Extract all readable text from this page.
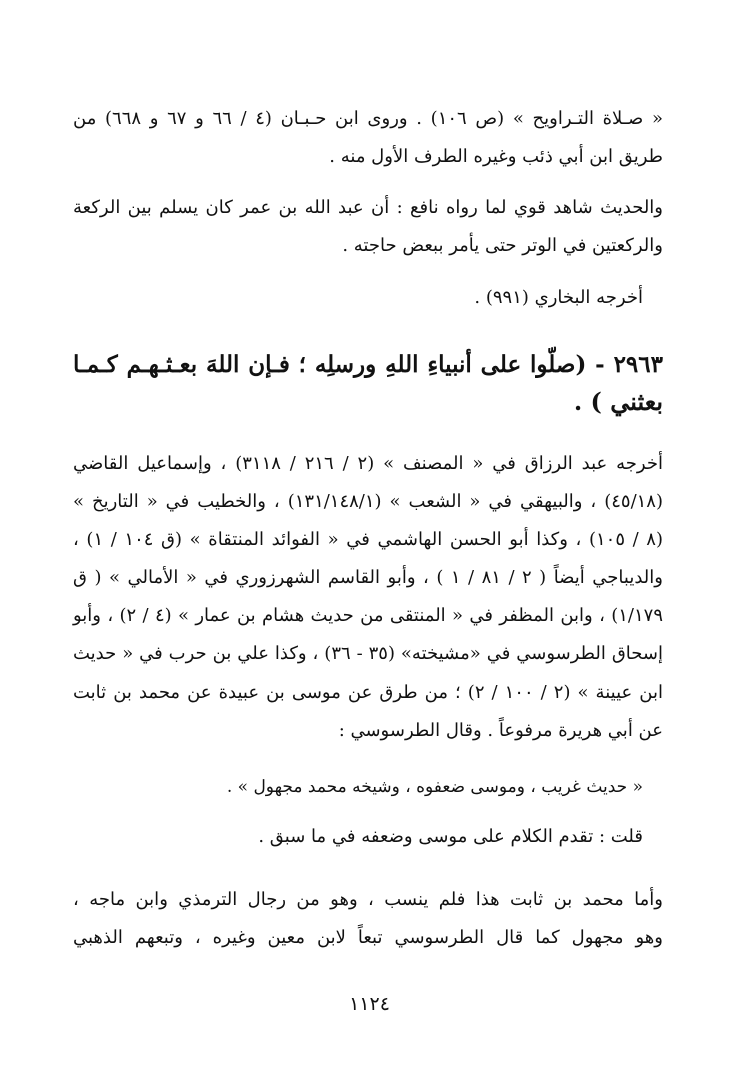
« صـلاة التـراويح » (ص ١٠٦) . وروى ابن حـبـان (٤ / ٦٦ و ٦٧ و ٦٦٨) من
طريق ابن أبي ذئب وغيره الطرف الأول منه .
والحديث شاهد قوي لما رواه نافع : أن عبد الله بن عمر كان يسلم بين الركعة
والركعتين في الوتر حتى يأمر ببعض حاجته .
أخرجه البخاري (٩٩١) .
٢٩٦٣ - (صلّوا على أنبياءِ اللهِ ورسلِه ؛ فـإن اللهَ بعـثـهـم كـمـا
بعثني ) .
أخرجه عبد الرزاق في « المصنف » (٢ / ٢١٦ / ٣١١٨) ، وإسماعيل القاضي
(٤٥/١٨) ، والبيهقي في « الشعب » (١٣١/١٤٨/١) ، والخطيب في « التاريخ »
(٨ / ١٠٥) ، وكذا أبو الحسن الهاشمي في « الفوائد المنتقاة » (ق ١٠٤ / ١) ،
والديباجي أيضاً ( ٢ / ٨١ / ١ ) ، وأبو القاسم الشهرزوري في « الأمالي » ( ق
١/١٧٩) ، وابن المظفر في « المنتقى من حديث هشام بن عمار » (٤ / ٢) ، وأبو
إسحاق الطرسوسي في «مشيخته» (٣٥ - ٣٦) ، وكذا علي بن حرب في « حديث
ابن عيينة » (٢ / ١٠٠ / ٢) ؛ من طرق عن موسى بن عبيدة عن محمد بن ثابت
عن أبي هريرة مرفوعاً . وقال الطرسوسي :
« حديث غريب ، وموسى ضعفوه ، وشيخه محمد مجهول » .
قلت : تقدم الكلام على موسى وضعفه في ما سبق .
وأما محمد بن ثابت هذا فلم ينسب ، وهو من رجال الترمذي وابن ماجه ،
وهو مجهول كما قال الطرسوسي تبعاً لابن معين وغيره ، وتبعهم الذهبي
١١٢٤
